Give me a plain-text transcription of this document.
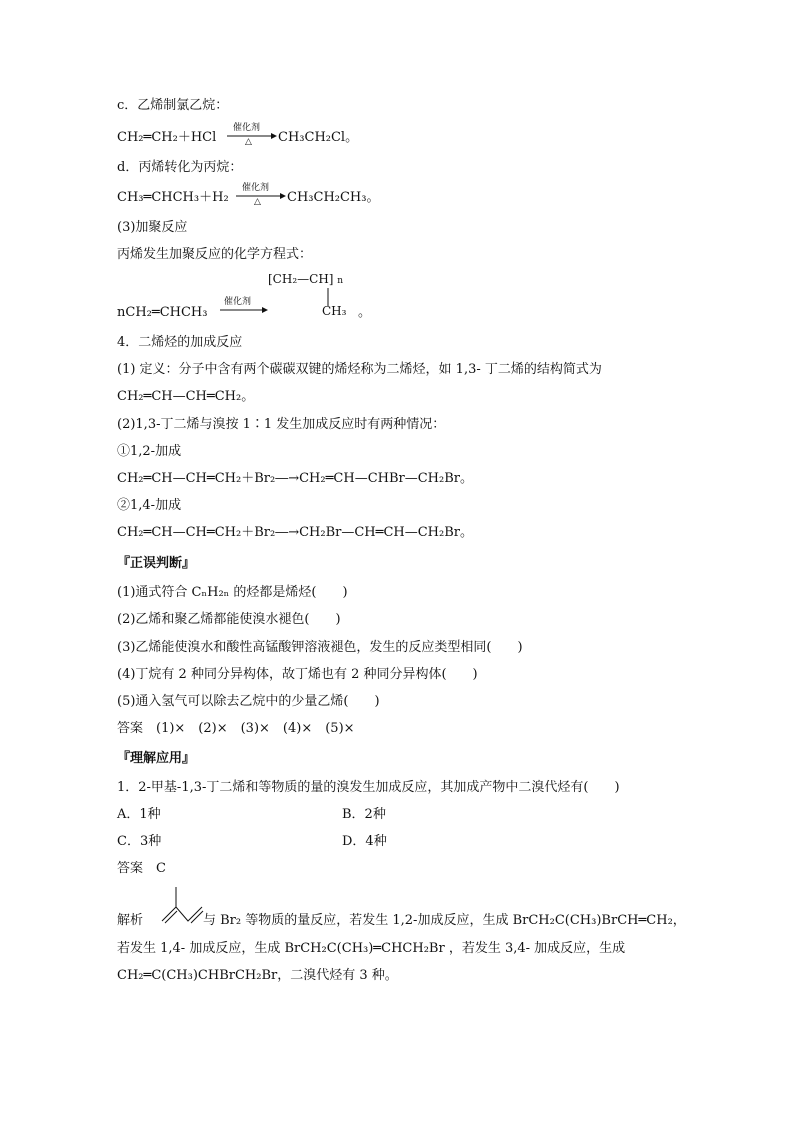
c．乙烯制氯乙烷：
CH₂═CH₂＋HCl
催化剂
△ CH₃CH₂Cl。
d．丙烯转化为丙烷：
CH₃═CHCH₃＋H₂
催化剂
△ CH₃CH₂CH₃。
(3)加聚反应
丙烯发生加聚反应的化学方程式：
nCH₂═CHCH₃
催化剂
[CH₂—CH] n
CH₃ 。
4．二烯烃的加成反应
(1) 定义：分子中含有两个碳碳双键的烯烃称为二烯烃，如 1,3- 丁二烯的结构简式为
CH₂═CH—CH═CH₂。
(2)1,3-丁二烯与溴按 1∶1 发生加成反应时有两种情况：
①1,2-加成
CH₂═CH—CH═CH₂＋Br₂―→CH₂═CH—CHBr—CH₂Br。
②1,4-加成
CH₂═CH—CH═CH₂＋Br₂―→CH₂Br—CH═CH—CH₂Br。
『正误判断』
(1)通式符合 CₙH₂ₙ 的烃都是烯烃(　　)
(2)乙烯和聚乙烯都能使溴水褪色(　　)
(3)乙烯能使溴水和酸性高锰酸钾溶液褪色，发生的反应类型相同(　　)
(4)丁烷有 2 种同分异构体，故丁烯也有 2 种同分异构体(　　)
(5)通入氢气可以除去乙烷中的少量乙烯(　　)
答案　(1)×　(2)×　(3)×　(4)×　(5)×
『理解应用』
1．2-甲基-1,3-丁二烯和等物质的量的溴发生加成反应，其加成产物中二溴代烃有(　　)
A．1种	B．2种
C．3种	D．4种
答案　C
解析	与 Br₂ 等物质的量反应，若发生 1,2-加成反应，生成 BrCH₂C(CH₃)BrCH═CH₂，
若发生 1,4- 加成反应，生成 BrCH₂C(CH₃)═CHCH₂Br ，若发生 3,4- 加成反应，生成
CH₂═C(CH₃)CHBrCH₂Br，二溴代烃有 3 种。
